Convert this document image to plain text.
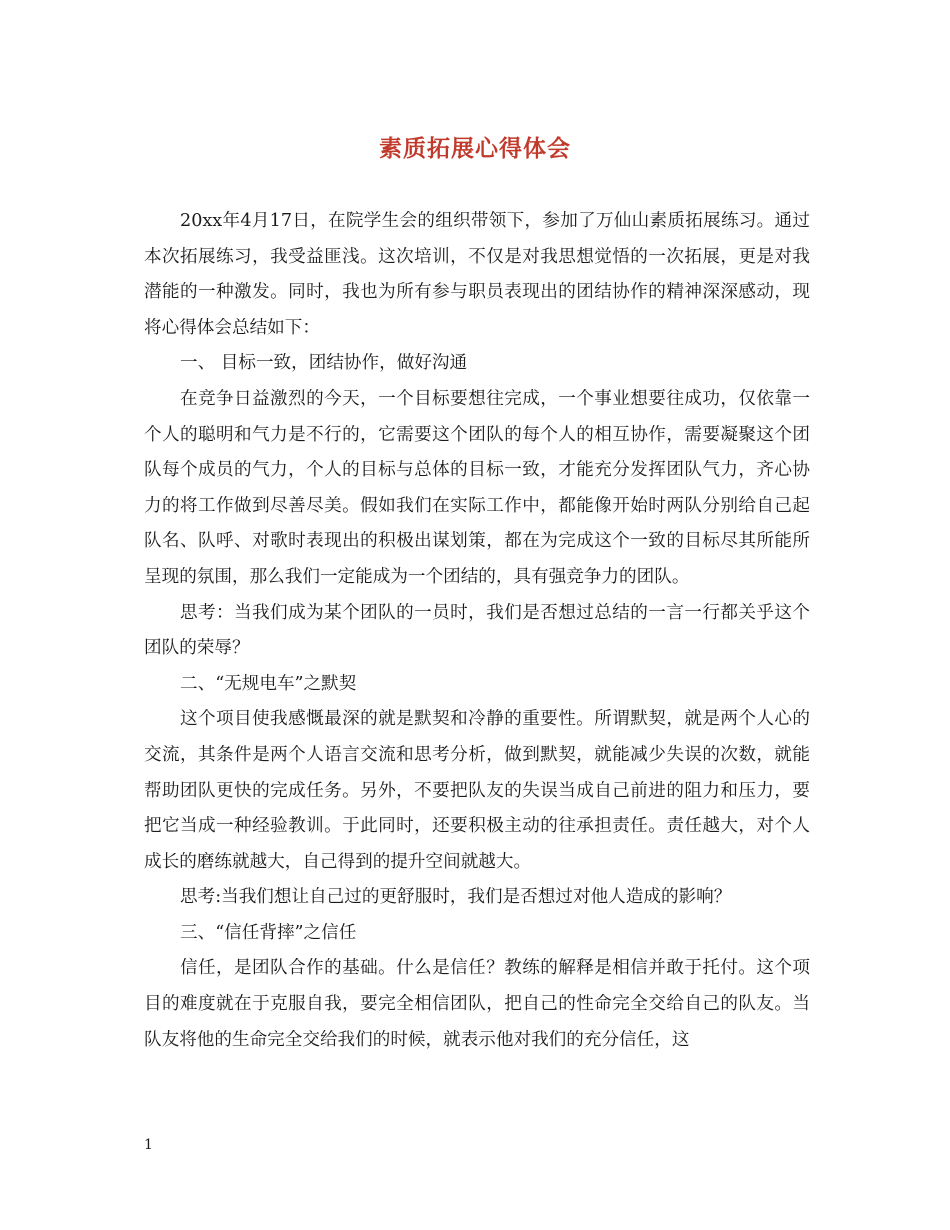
素质拓展心得体会

20xx年4月17日，在院学生会的组织带领下，参加了万仙山素质拓展练习。通过本次拓展练习，我受益匪浅。这次培训，不仅是对我思想觉悟的一次拓展，更是对我潜能的一种激发。同时，我也为所有参与职员表现出的团结协作的精神深深感动，现将心得体会总结如下：

一、 目标一致，团结协作，做好沟通

在竞争日益激烈的今天，一个目标要想往完成，一个事业想要往成功，仅依靠一个人的聪明和气力是不行的，它需要这个团队的每个人的相互协作，需要凝聚这个团队每个成员的气力，个人的目标与总体的目标一致，才能充分发挥团队气力，齐心协力的将工作做到尽善尽美。假如我们在实际工作中，都能像开始时两队分别给自己起队名、队呼、对歌时表现出的积极出谋划策，都在为完成这个一致的目标尽其所能所呈现的氛围，那么我们一定能成为一个团结的，具有强竞争力的团队。

思考：当我们成为某个团队的一员时，我们是否想过总结的一言一行都关乎这个团队的荣辱？

二、“无规电车”之默契

这个项目使我感慨最深的就是默契和冷静的重要性。所谓默契，就是两个人心的交流，其条件是两个人语言交流和思考分析，做到默契，就能减少失误的次数，就能帮助团队更快的完成任务。另外，不要把队友的失误当成自己前进的阻力和压力，要把它当成一种经验教训。于此同时，还要积极主动的往承担责任。责任越大，对个人成长的磨练就越大，自己得到的提升空间就越大。

思考:当我们想让自己过的更舒服时，我们是否想过对他人造成的影响？

三、“信任背摔”之信任

信任，是团队合作的基础。什么是信任？教练的解释是相信并敢于托付。这个项目的难度就在于克服自我，要完全相信团队，把自己的性命完全交给自己的队友。当队友将他的生命完全交给我们的时候，就表示他对我们的充分信任，这

1
